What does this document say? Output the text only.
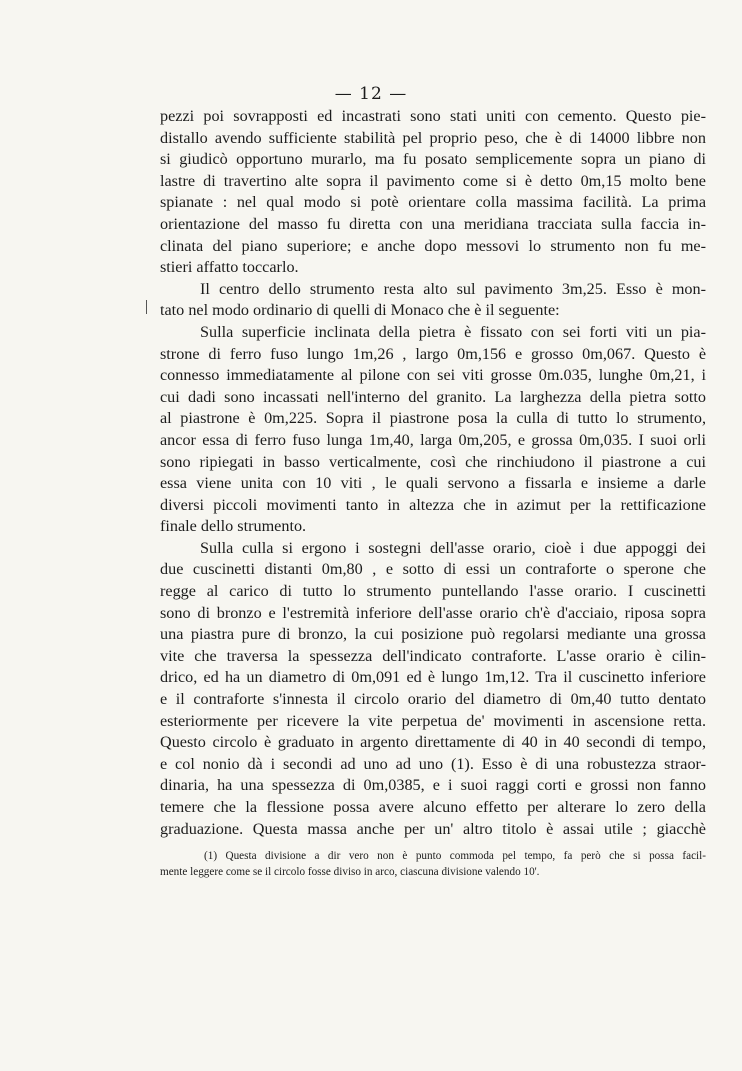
— 12 —
pezzi poi sovrapposti ed incastrati sono stati uniti con cemento. Questo pie-
distallo avendo sufficiente stabilità pel proprio peso, che è di 14000 libbre non
si giudicò opportuno murarlo, ma fu posato semplicemente sopra un piano di
lastre di travertino alte sopra il pavimento come si è detto 0m,15 molto bene
spianate : nel qual modo si potè orientare colla massima facilità. La prima
orientazione del masso fu diretta con una meridiana tracciata sulla faccia in-
clinata del piano superiore; e anche dopo messovi lo strumento non fu me-
stieri affatto toccarlo.
Il centro dello strumento resta alto sul pavimento 3m,25. Esso è mon-
tato nel modo ordinario di quelli di Monaco che è il seguente:
Sulla superficie inclinata della pietra è fissato con sei forti viti un pia-
strone di ferro fuso lungo 1m,26 , largo 0m,156 e grosso 0m,067. Questo è
connesso immediatamente al pilone con sei viti grosse 0m.035, lunghe 0m,21, i
cui dadi sono incassati nell'interno del granito. La larghezza della pietra sotto
al piastrone è 0m,225. Sopra il piastrone posa la culla di tutto lo strumento,
ancor essa di ferro fuso lunga 1m,40, larga 0m,205, e grossa 0m,035. I suoi orli
sono ripiegati in basso verticalmente, così che rinchiudono il piastrone a cui
essa viene unita con 10 viti , le quali servono a fissarla e insieme a darle
diversi piccoli movimenti tanto in altezza che in azimut per la rettificazione
finale dello strumento.
Sulla culla si ergono i sostegni dell'asse orario, cioè i due appoggi dei
due cuscinetti distanti 0m,80 , e sotto di essi un contraforte o sperone che
regge al carico di tutto lo strumento puntellando l'asse orario. I cuscinetti
sono di bronzo e l'estremità inferiore dell'asse orario ch'è d'acciaio, riposa sopra
una piastra pure di bronzo, la cui posizione può regolarsi mediante una grossa
vite che traversa la spessezza dell'indicato contraforte. L'asse orario è cilin-
drico, ed ha un diametro di 0m,091 ed è lungo 1m,12. Tra il cuscinetto inferiore
e il contraforte s'innesta il circolo orario del diametro di 0m,40 tutto dentato
esteriormente per ricevere la vite perpetua de' movimenti in ascensione retta.
Questo circolo è graduato in argento direttamente di 40 in 40 secondi di tempo,
e col nonio dà i secondi ad uno ad uno (1). Esso è di una robustezza straor-
dinaria, ha una spessezza di 0m,0385, e i suoi raggi corti e grossi non fanno
temere che la flessione possa avere alcuno effetto per alterare lo zero della
graduazione. Questa massa anche per un' altro titolo è assai utile ; giacchè
(1) Questa divisione a dir vero non è punto commoda pel tempo, fa però che si possa facil-
mente leggere come se il circolo fosse diviso in arco, ciascuna divisione valendo 10'.
